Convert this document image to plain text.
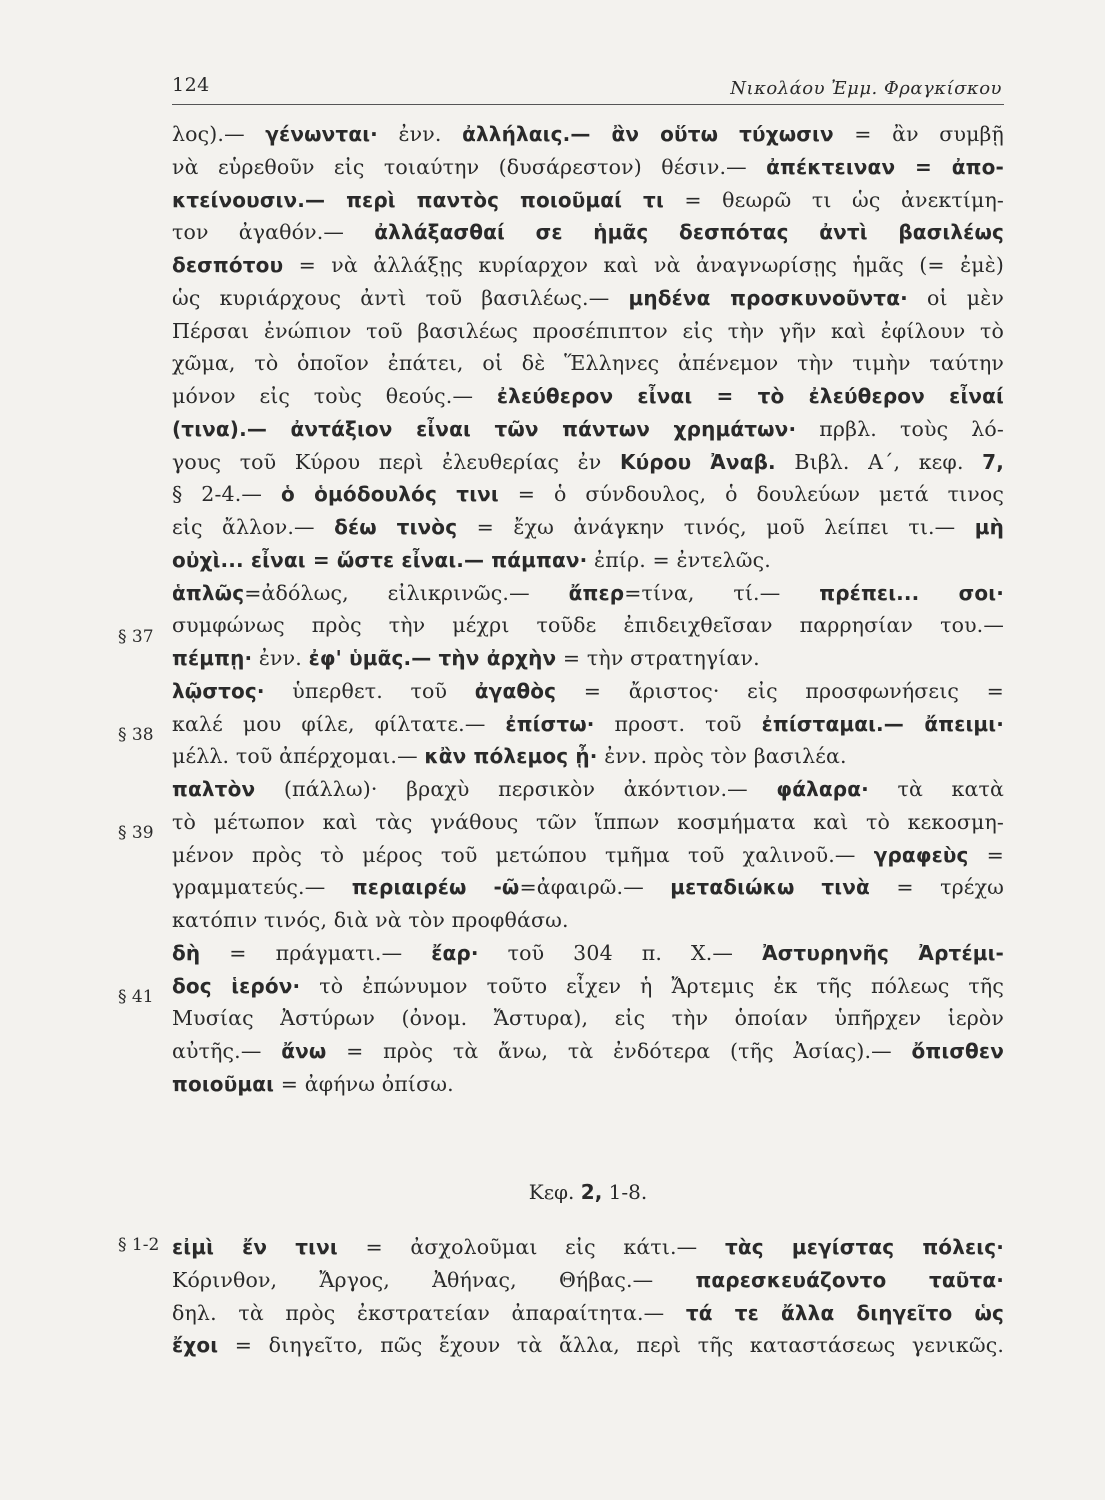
124	Νικολάου Ἐμμ. Φραγκίσκου
λος).— γένωνται· ἐνν. ἀλλήλαις.— ἂν οὕτω τύχωσιν = ἂν συμβῇ
νὰ εὑρεθοῦν εἰς τοιαύτην (δυσάρεστον) θέσιν.— ἀπέκτειναν = ἀπο-
κτείνουσιν.— περὶ παντὸς ποιοῦμαί τι = θεωρῶ τι ὡς ἀνεκτίμη-
τον ἀγαθόν.— ἀλλάξασθαί σε ἡμᾶς δεσπότας ἀντὶ βασιλέως
δεσπότου = νὰ ἀλλάξῃς κυρίαρχον καὶ νὰ ἀναγνωρίσῃς ἡμᾶς (= ἐμὲ)
ὡς κυριάρχους ἀντὶ τοῦ βασιλέως.— μηδένα προσκυνοῦντα· οἱ μὲν
Πέρσαι ἐνώπιον τοῦ βασιλέως προσέπιπτον εἰς τὴν γῆν καὶ ἐφίλουν τὸ
χῶμα, τὸ ὁποῖον ἐπάτει, οἱ δὲ Ἕλληνες ἀπένεμον τὴν τιμὴν ταύτην
μόνον εἰς τοὺς θεούς.— ἐλεύθερον εἶναι = τὸ ἐλεύθερον εἶναί
(τινα).— ἀντάξιον εἶναι τῶν πάντων χρημάτων· πρβλ. τοὺς λό-
γους τοῦ Κύρου περὶ ἐλευθερίας ἐν Κύρου Ἀναβ. Βιβλ. Α΄, κεφ. 7,
§ 2-4.— ὁ ὁμόδουλός τινι = ὁ σύνδουλος, ὁ δουλεύων μετά τινος
εἰς ἄλλον.— δέω τινὸς = ἔχω ἀνάγκην τινός, μοῦ λείπει τι.— μὴ
οὐχὶ... εἶναι = ὥστε εἶναι.— πάμπαν· ἐπίρ. = ἐντελῶς.
ἁπλῶς=ἀδόλως, εἰλικρινῶς.— ἄπερ=τίνα, τί.— πρέπει... σοι·
συμφώνως πρὸς τὴν μέχρι τοῦδε ἐπιδειχθεῖσαν παρρησίαν του.—
πέμπῃ· ἐνν. ἐφ' ὑμᾶς.— τὴν ἀρχὴν = τὴν στρατηγίαν.
λῷστος· ὑπερθετ. τοῦ ἀγαθὸς = ἄριστος· εἰς προσφωνήσεις =
καλέ μου φίλε, φίλτατε.— ἐπίστω· προστ. τοῦ ἐπίσταμαι.— ἄπειμι·
μέλλ. τοῦ ἀπέρχομαι.— κἂν πόλεμος ᾖ· ἐνν. πρὸς τὸν βασιλέα.
παλτὸν (πάλλω)· βραχὺ περσικὸν ἀκόντιον.— φάλαρα· τὰ κατὰ
τὸ μέτωπον καὶ τὰς γνάθους τῶν ἵππων κοσμήματα καὶ τὸ κεκοσμη-
μένον πρὸς τὸ μέρος τοῦ μετώπου τμῆμα τοῦ χαλινοῦ.— γραφεὺς =
γραμματεύς.— περιαιρέω -ῶ=ἀφαιρῶ.— μεταδιώκω τινὰ = τρέχω
κατόπιν τινός, διὰ νὰ τὸν προφθάσω.
δὴ = πράγματι.— ἔαρ· τοῦ 304 π. Χ.— Ἀστυρηνῆς Ἀρτέμι-
δος ἱερόν· τὸ ἐπώνυμον τοῦτο εἶχεν ἡ Ἄρτεμις ἐκ τῆς πόλεως τῆς
Μυσίας Ἀστύρων (ὀνομ. Ἄστυρα), εἰς τὴν ὁποίαν ὑπῆρχεν ἱερὸν
αὐτῆς.— ἄνω = πρὸς τὰ ἄνω, τὰ ἐνδότερα (τῆς Ἀσίας).— ὄπισθεν
ποιοῦμαι = ἀφήνω ὀπίσω.
§ 37
§ 38
§ 39
§ 41
§ 1-2
Κεφ. 2, 1-8.
εἰμὶ ἔν τινι = ἀσχολοῦμαι εἰς κάτι.— τὰς μεγίστας πόλεις·
Κόρινθον, Ἄργος, Ἀθήνας, Θήβας.— παρεσκευάζοντο ταῦτα·
δηλ. τὰ πρὸς ἐκστρατείαν ἀπαραίτητα.— τά τε ἄλλα διηγεῖτο ὡς
ἔχοι = διηγεῖτο, πῶς ἔχουν τὰ ἄλλα, περὶ τῆς καταστάσεως γενικῶς.
